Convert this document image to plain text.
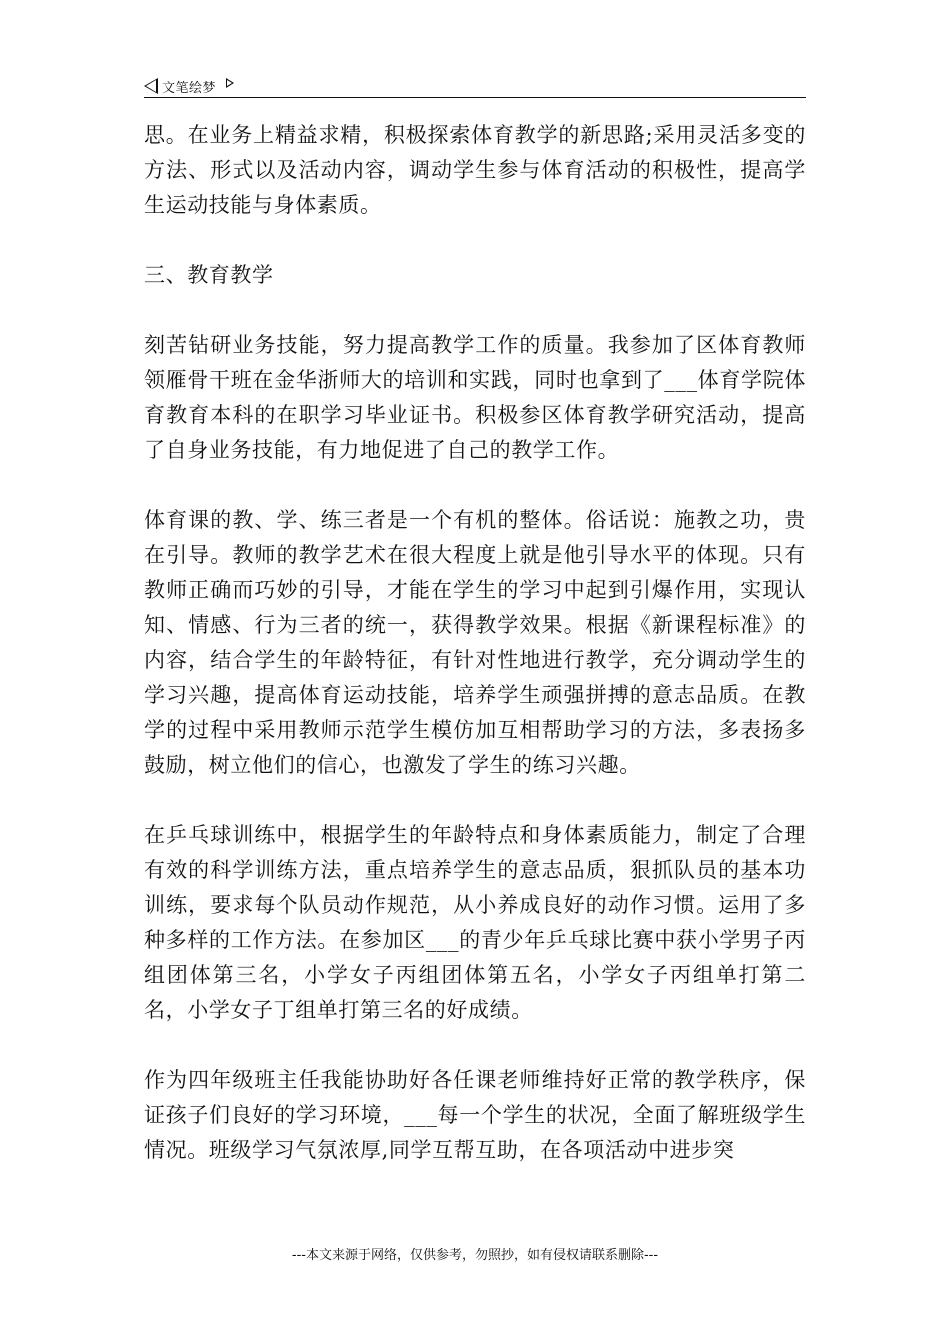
文笔绘梦

思。在业务上精益求精，积极探索体育教学的新思路;采用灵活多变的方法、形式以及活动内容，调动学生参与体育活动的积极性，提高学生运动技能与身体素质。

三、教育教学

刻苦钻研业务技能，努力提高教学工作的质量。我参加了区体育教师领雁骨干班在金华浙师大的培训和实践，同时也拿到了___体育学院体育教育本科的在职学习毕业证书。积极参区体育教学研究活动，提高了自身业务技能，有力地促进了自己的教学工作。

体育课的教、学、练三者是一个有机的整体。俗话说：施教之功，贵在引导。教师的教学艺术在很大程度上就是他引导水平的体现。只有教师正确而巧妙的引导，才能在学生的学习中起到引爆作用，实现认知、情感、行为三者的统一，获得教学效果。根据《新课程标准》的内容，结合学生的年龄特征，有针对性地进行教学，充分调动学生的学习兴趣，提高体育运动技能，培养学生顽强拼搏的意志品质。在教学的过程中采用教师示范学生模仿加互相帮助学习的方法，多表扬多鼓励，树立他们的信心，也激发了学生的练习兴趣。

在乒乓球训练中，根据学生的年龄特点和身体素质能力，制定了合理有效的科学训练方法，重点培养学生的意志品质，狠抓队员的基本功训练，要求每个队员动作规范，从小养成良好的动作习惯。运用了多种多样的工作方法。在参加区___的青少年乒乓球比赛中获小学男子丙组团体第三名，小学女子丙组团体第五名，小学女子丙组单打第二名，小学女子丁组单打第三名的好成绩。

作为四年级班主任我能协助好各任课老师维持好正常的教学秩序，保证孩子们良好的学习环境，___每一个学生的状况，全面了解班级学生情况。班级学习气氛浓厚,同学互帮互助，在各项活动中进步突

---本文来源于网络，仅供参考，勿照抄，如有侵权请联系删除---
